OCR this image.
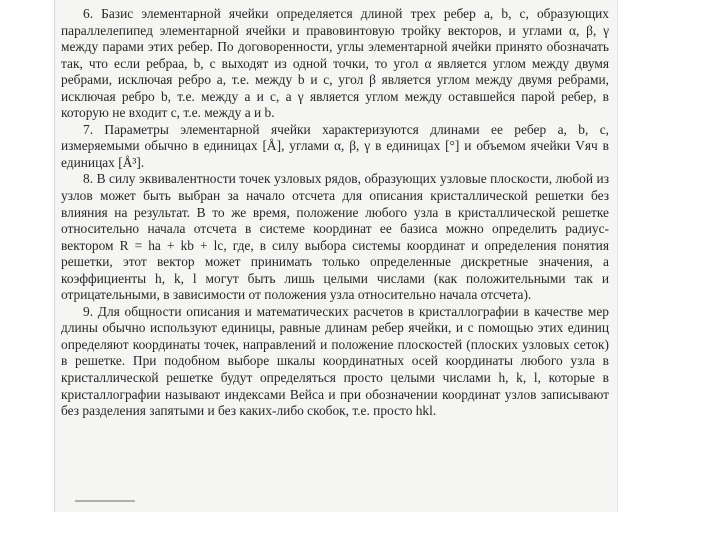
6. Базис элементарной ячейки определяется длиной трех ребер a, b, c, образующих параллелепипед элементарной ячейки и правовинтовую тройку векторов, и углами α, β, γ между парами этих ребер. По договоренности, углы элементарной ячейки принято обозначать так, что если ребраa, b, c выходят из одной точки, то угол α является углом между двумя ребрами, исключая ребро a, т.е. между b и c, угол β является углом между двумя ребрами, исключая ребро b, т.е. между a и c, а γ является углом между оставшейся парой ребер, в которую не входит c, т.е. между a и b.

7. Параметры элементарной ячейки характеризуются длинами ее ребер a, b, c, измеряемыми обычно в единицах [Å], углами α, β, γ в единицах [°] и объемом ячейки Vяч в единицах [Å³].

8. В силу эквивалентности точек узловых рядов, образующих узловые плоскости, любой из узлов может быть выбран за начало отсчета для описания кристаллической решетки без влияния на результат. В то же время, положение любого узла в кристаллической решетке относительно начала отсчета в системе координат ее базиса можно определить радиус-вектором R = ha + kb + lc, где, в силу выбора системы координат и определения понятия решетки, этот вектор может принимать только определенные дискретные значения, а коэффициенты h, k, l могут быть лишь целыми числами (как положительными так и отрицательными, в зависимости от положения узла относительно начала отсчета).

9. Для общности описания и математических расчетов в кристаллографии в качестве мер длины обычно используют единицы, равные длинам ребер ячейки, и с помощью этих единиц определяют координаты точек, направлений и положение плоскостей (плоских узловых сеток) в решетке. При подобном выборе шкалы координатных осей координаты любого узла в кристаллической решетке будут определяться просто целыми числами h, k, l, которые в кристаллографии называют индексами Вейса и при обозначении координат узлов записывают без разделения запятыми и без каких-либо скобок, т.е. просто hkl.
